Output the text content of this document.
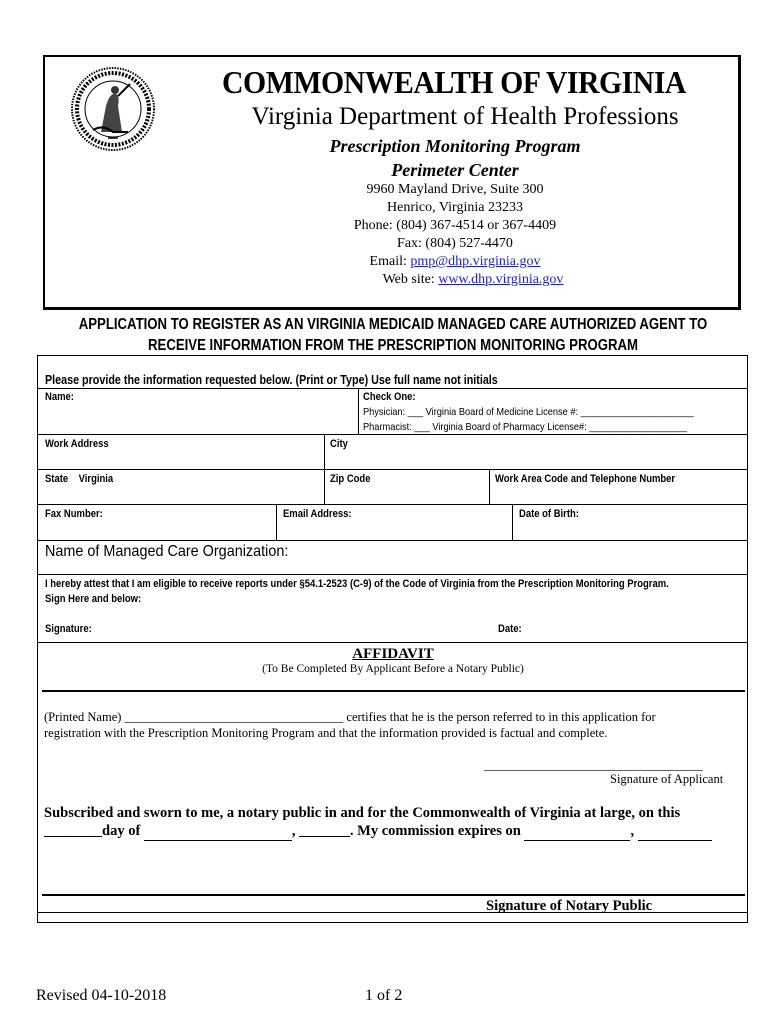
COMMONWEALTH OF VIRGINIA
Virginia Department of Health Professions
Prescription Monitoring Program
Perimeter Center
9960 Mayland Drive, Suite 300
Henrico, Virginia 23233
Phone: (804) 367-4514 or 367-4409
Fax: (804) 527-4470
Email: pmp@dhp.virginia.gov
Web site: www.dhp.virginia.gov
APPLICATION TO REGISTER AS AN VIRGINIA MEDICAID MANAGED CARE AUTHORIZED AGENT TO
RECEIVE INFORMATION FROM THE PRESCRIPTION MONITORING PROGRAM
Please provide the information requested below. (Print or Type) Use full name not initials
Name:	Check One:
Physician: ___ Virginia Board of Medicine License #: ______________________
Pharmacist: ___ Virginia Board of Pharmacy License#: ___________________
Work Address	City
State Virginia	Zip Code	Work Area Code and Telephone Number
Fax Number:	Email Address:	Date of Birth:
Name of Managed Care Organization:
I hereby attest that I am eligible to receive reports under §54.1-2523 (C-9) of the Code of Virginia from the Prescription Monitoring Program.
Sign Here and below:
Signature:	Date:
AFFIDAVIT
(To Be Completed By Applicant Before a Notary Public)
(Printed Name) ___________________________________ certifies that he is the person referred to in this application for
registration with the Prescription Monitoring Program and that the information provided is factual and complete.
___________________________________
Signature of Applicant
Subscribed and sworn to me, a notary public in and for the Commonwealth of Virginia at large, on this
________day of	, _______. My commission expires on	,
Signature of Notary Public
Revised 04-10-2018	1 of 2
